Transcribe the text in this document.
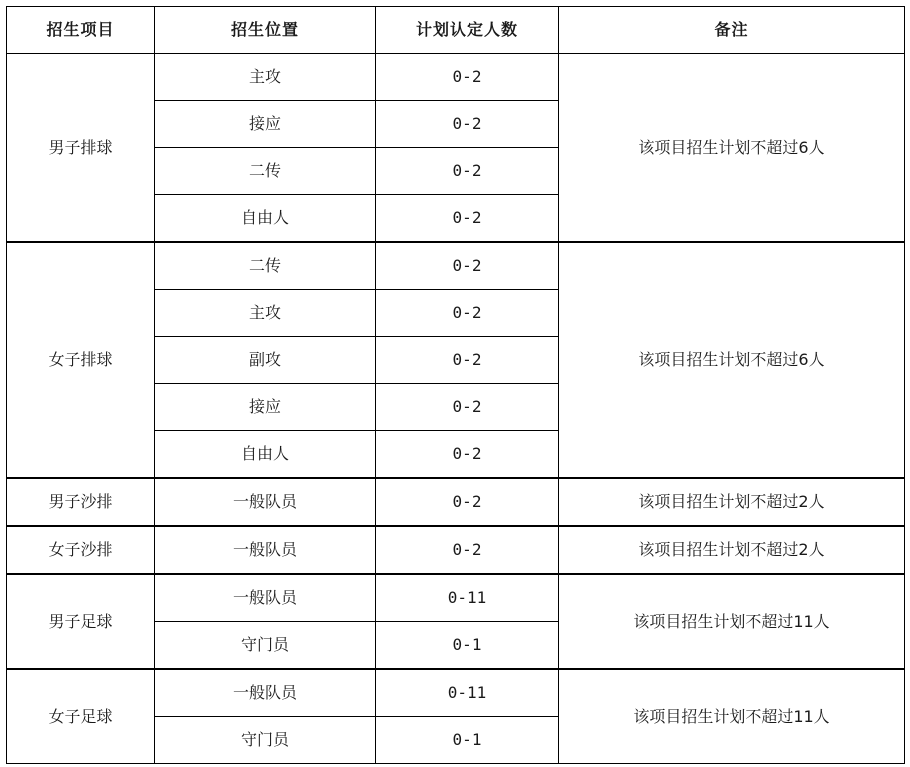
招生项目	招生位置	计划认定人数	备注
男子排球	主攻	0-2	该项目招生计划不超过6人
	接应	0-2	
	二传	0-2	
	自由人	0-2	
女子排球	二传	0-2	该项目招生计划不超过6人
	主攻	0-2	
	副攻	0-2	
	接应	0-2	
	自由人	0-2	
男子沙排	一般队员	0-2	该项目招生计划不超过2人
女子沙排	一般队员	0-2	该项目招生计划不超过2人
男子足球	一般队员	0-11	该项目招生计划不超过11人
	守门员	0-1	
女子足球	一般队员	0-11	该项目招生计划不超过11人
	守门员	0-1	
